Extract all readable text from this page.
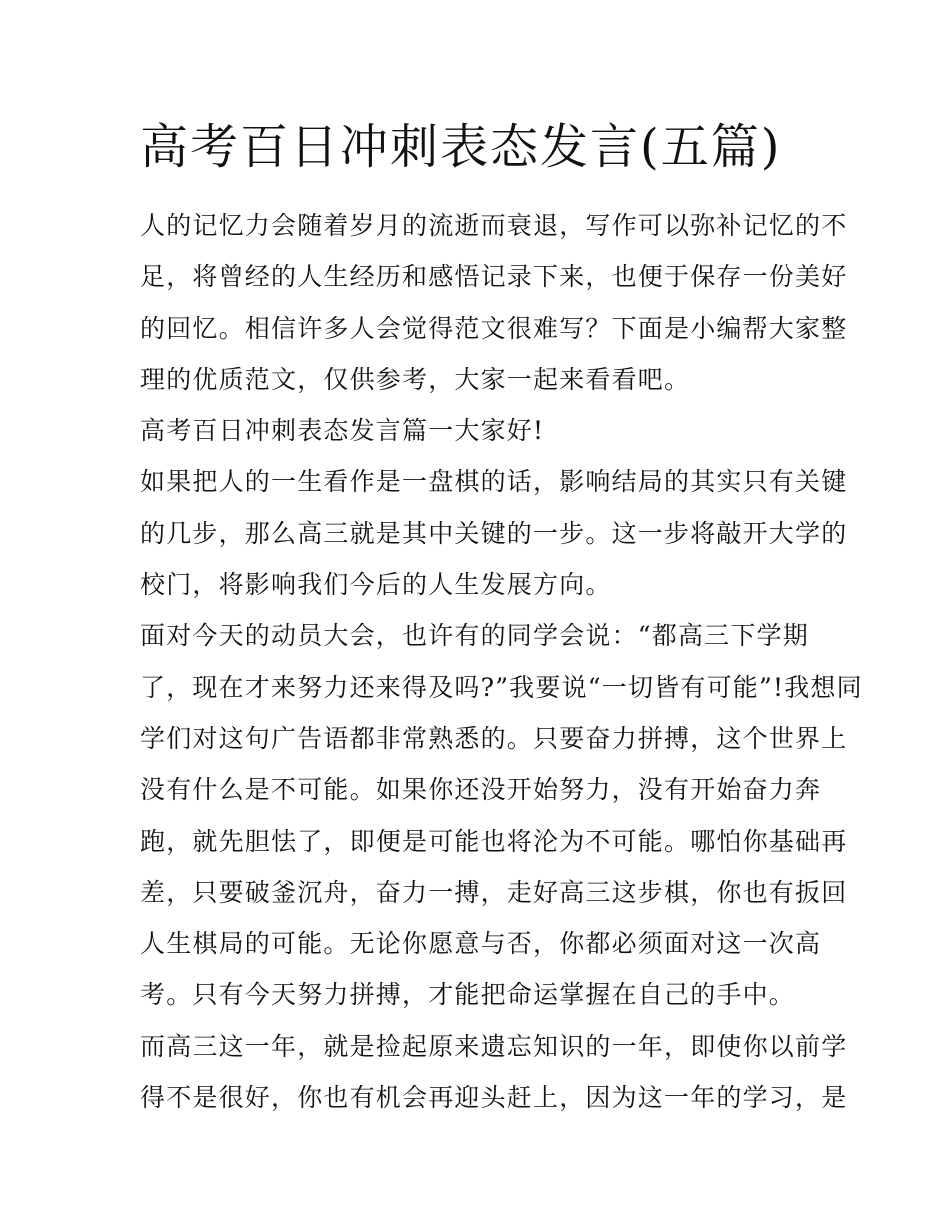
高考百日冲刺表态发言(五篇)

人的记忆力会随着岁月的流逝而衰退，写作可以弥补记忆的不
足，将曾经的人生经历和感悟记录下来，也便于保存一份美好
的回忆。相信许多人会觉得范文很难写？下面是小编帮大家整
理的优质范文，仅供参考，大家一起来看看吧。

高考百日冲刺表态发言篇一大家好!

如果把人的一生看作是一盘棋的话，影响结局的其实只有关键
的几步，那么高三就是其中关键的一步。这一步将敲开大学的
校门，将影响我们今后的人生发展方向。

面对今天的动员大会，也许有的同学会说：“都高三下学期
了，现在才来努力还来得及吗?”我要说“一切皆有可能”!我想同
学们对这句广告语都非常熟悉的。只要奋力拼搏，这个世界上
没有什么是不可能。如果你还没开始努力，没有开始奋力奔
跑，就先胆怯了，即便是可能也将沦为不可能。哪怕你基础再
差，只要破釜沉舟，奋力一搏，走好高三这步棋，你也有扳回
人生棋局的可能。无论你愿意与否，你都必须面对这一次高
考。只有今天努力拼搏，才能把命运掌握在自己的手中。

而高三这一年，就是捡起原来遗忘知识的一年，即使你以前学
得不是很好，你也有机会再迎头赶上，因为这一年的学习，是
